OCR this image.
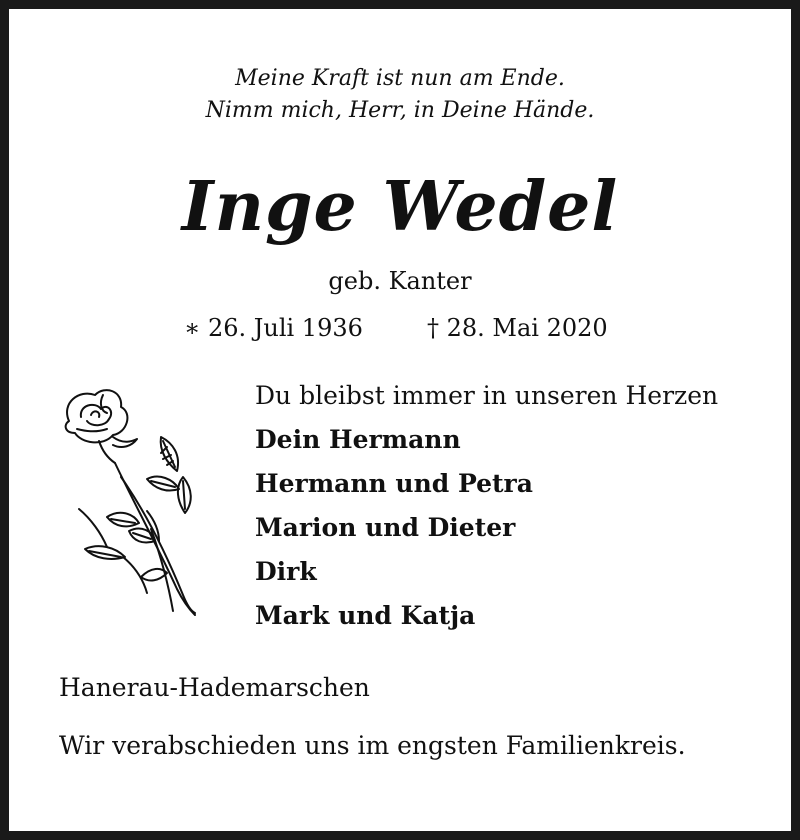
Meine Kraft ist nun am Ende.
Nimm mich, Herr, in Deine Hände.
Inge Wedel
geb. Kanter
∗ 26. Juli 1936	† 28. Mai 2020
Du bleibst immer in unseren Herzen
Dein Hermann
Hermann und Petra
Marion und Dieter
Dirk
Mark und Katja
Hanerau-Hademarschen
Wir verabschieden uns im engsten Familienkreis.
